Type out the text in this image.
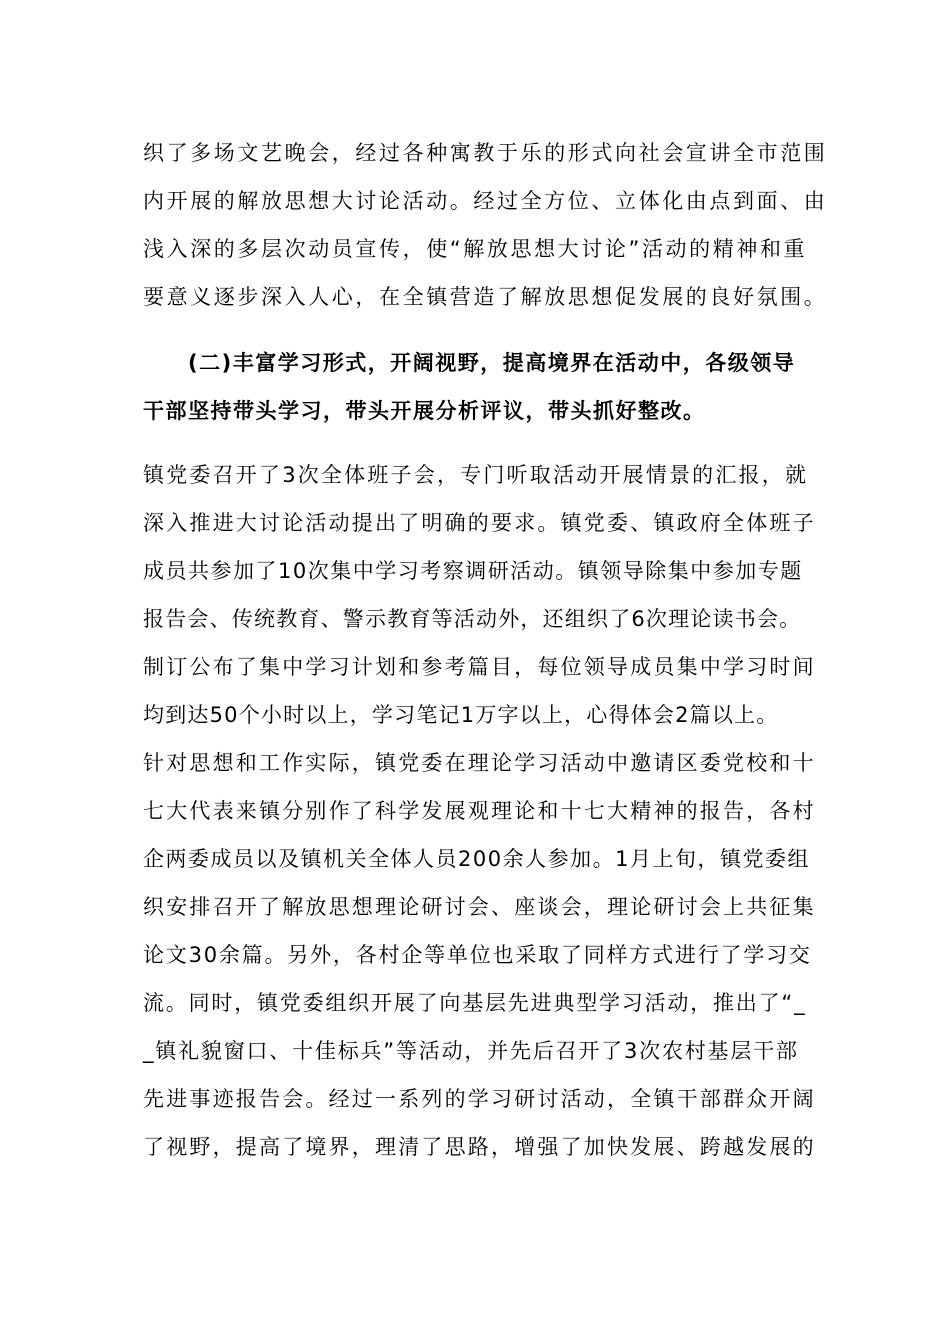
织了多场文艺晚会，经过各种寓教于乐的形式向社会宣讲全市范围
内开展的解放思想大讨论活动。经过全方位、立体化由点到面、由
浅入深的多层次动员宣传，使“解放思想大讨论”活动的精神和重
要意义逐步深入人心，在全镇营造了解放思想促发展的良好氛围。
(二)丰富学习形式，开阔视野，提高境界在活动中，各级领导
干部坚持带头学习，带头开展分析评议，带头抓好整改。
镇党委召开了3次全体班子会，专门听取活动开展情景的汇报，就
深入推进大讨论活动提出了明确的要求。镇党委、镇政府全体班子
成员共参加了10次集中学习考察调研活动。镇领导除集中参加专题
报告会、传统教育、警示教育等活动外，还组织了6次理论读书会。
制订公布了集中学习计划和参考篇目，每位领导成员集中学习时间
均到达50个小时以上，学习笔记1万字以上，心得体会2篇以上。
针对思想和工作实际，镇党委在理论学习活动中邀请区委党校和十
七大代表来镇分别作了科学发展观理论和十七大精神的报告，各村
企两委成员以及镇机关全体人员200余人参加。1月上旬，镇党委组
织安排召开了解放思想理论研讨会、座谈会，理论研讨会上共征集
论文30余篇。另外，各村企等单位也采取了同样方式进行了学习交
流。同时，镇党委组织开展了向基层先进典型学习活动，推出了“_
_镇礼貌窗口、十佳标兵”等活动，并先后召开了3次农村基层干部
先进事迹报告会。经过一系列的学习研讨活动，全镇干部群众开阔
了视野，提高了境界，理清了思路，增强了加快发展、跨越发展的
